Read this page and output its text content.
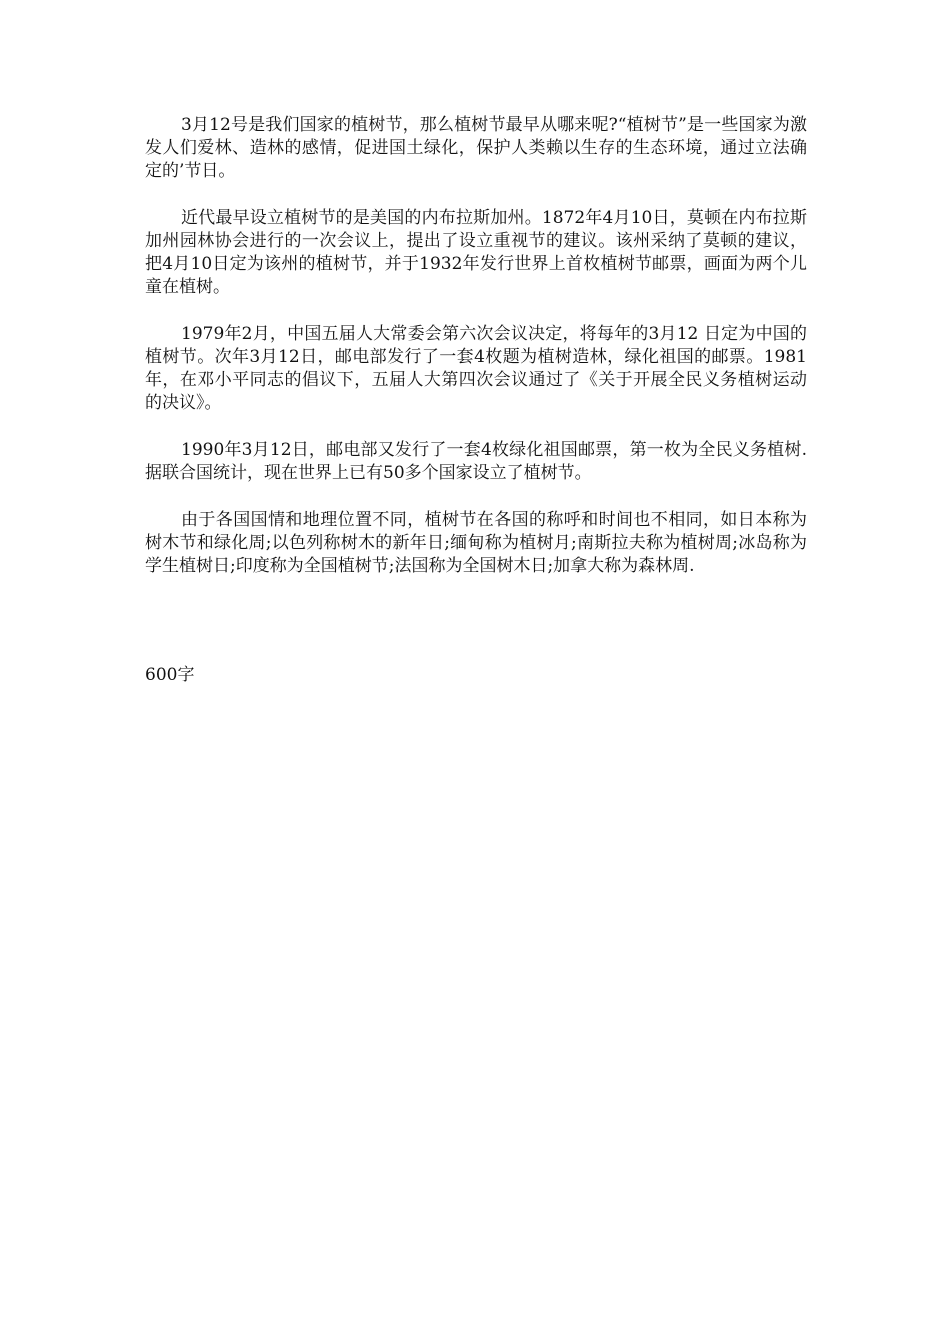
3月12号是我们国家的植树节，那么植树节最早从哪来呢?“植树节”是一些国家为激发人们爱林、造林的感情，促进国土绿化，保护人类赖以生存的生态环境，通过立法确定的’节日。

近代最早设立植树节的是美国的内布拉斯加州。1872年4月10日，莫顿在内布拉斯加州园林协会进行的一次会议上，提出了设立重视节的建议。该州采纳了莫顿的建议，把4月10日定为该州的植树节，并于1932年发行世界上首枚植树节邮票，画面为两个儿童在植树。

1979年2月，中国五届人大常委会第六次会议决定，将每年的3月12 日定为中国的植树节。次年3月12日，邮电部发行了一套4枚题为植树造林，绿化祖国的邮票。1981年，在邓小平同志的倡议下，五届人大第四次会议通过了《关于开展全民义务植树运动的决议》。

1990年3月12日，邮电部又发行了一套4枚绿化祖国邮票，第一枚为全民义务植树.    据联合国统计，现在世界上已有50多个国家设立了植树节。

由于各国国情和地理位置不同，植树节在各国的称呼和时间也不相同，如日本称为树木节和绿化周;以色列称树木的新年日;缅甸称为植树月;南斯拉夫称为植树周;冰岛称为学生植树日;印度称为全国植树节;法国称为全国树木日;加拿大称为森林周.

600字
